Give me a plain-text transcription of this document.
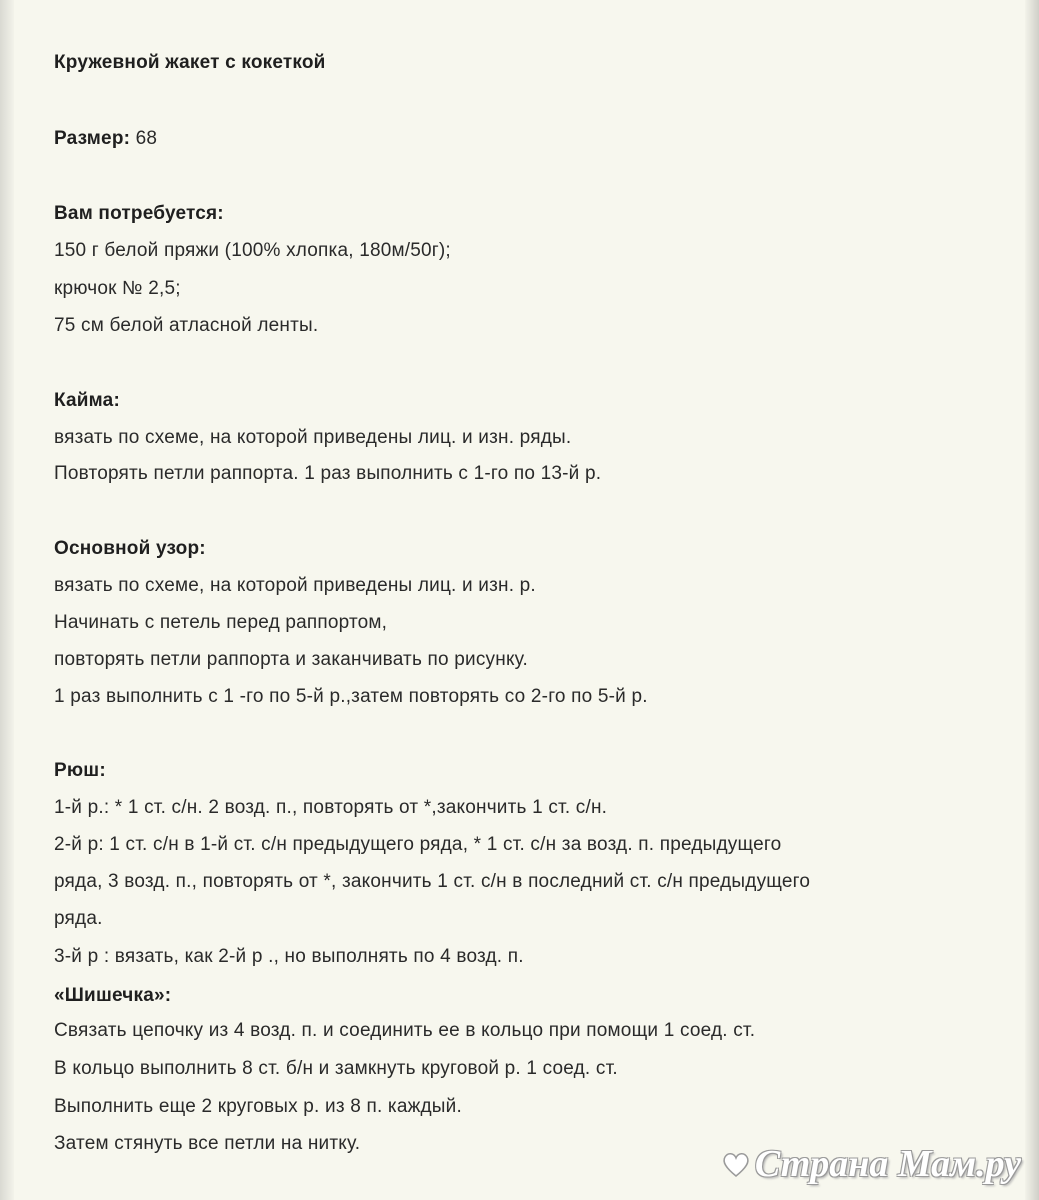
Кружевной жакет с кокеткой
Размер: 68
Вам потребуется:
150 г белой пряжи (100% хлопка, 180м/50г);
крючок № 2,5;
75 см белой атласной ленты.
Кайма:
вязать по схеме, на которой приведены лиц. и изн. ряды.
Повторять петли раппорта. 1 раз выполнить с 1-го по 13-й р.
Основной узор:
вязать по схеме, на которой приведены лиц. и изн. р.
Начинать с петель перед раппортом,
повторять петли раппорта и заканчивать по рисунку.
1 раз выполнить с 1 -го по 5-й р.,затем повторять со 2-го по 5-й р.
Рюш:
1-й р.: * 1 ст. с/н. 2 возд. п., повторять от *,закончить 1 ст. с/н.
2-й р: 1 ст. с/н в 1-й ст. с/н предыдущего ряда, * 1 ст. с/н за возд. п. предыдущего
ряда, 3 возд. п., повторять от *, закончить 1 ст. с/н в последний ст. с/н предыдущего
ряда.
3-й р : вязать, как 2-й р ., но выполнять по 4 возд. п.
«Шишечка»:
Связать цепочку из 4 возд. п. и соединить ее в кольцо при помощи 1 соед. ст.
В кольцо выполнить 8 ст. б/н и замкнуть круговой р. 1 соед. ст.
Выполнить еще 2 круговых р. из 8 п. каждый.
Затем стянуть все петли на нитку.	Страна Мам.ру
